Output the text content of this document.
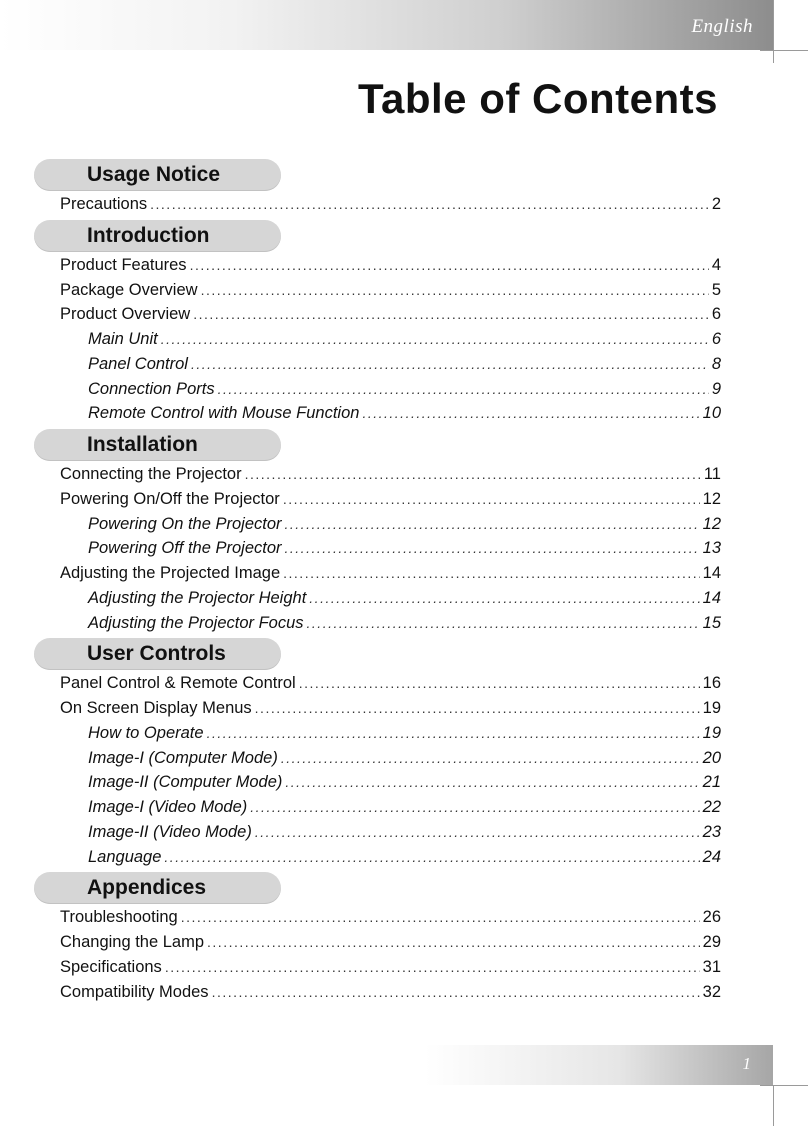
English
Table of Contents
Usage Notice
Precautions .....	2
Introduction
Product Features .....	4
Package Overview .....	5
Product Overview .....	6
Main Unit .....	6
Panel Control .....	8
Connection Ports .....	9
Remote Control with Mouse Function .....	10
Installation
Connecting the Projector .....	11
Powering On/Off the Projector .....	12
Powering On the Projector .....	12
Powering Off the Projector .....	13
Adjusting the Projected Image .....	14
Adjusting the Projector Height .....	14
Adjusting the Projector Focus .....	15
User Controls
Panel Control & Remote Control .....	16
On Screen Display Menus .....	19
How to Operate .....	19
Image-I (Computer Mode) .....	20
Image-II (Computer Mode) .....	21
Image-I (Video Mode) .....	22
Image-II (Video Mode) .....	23
Language .....	24
Appendices
Troubleshooting .....	26
Changing the Lamp .....	29
Specifications .....	31
Compatibility Modes .....	32
1
